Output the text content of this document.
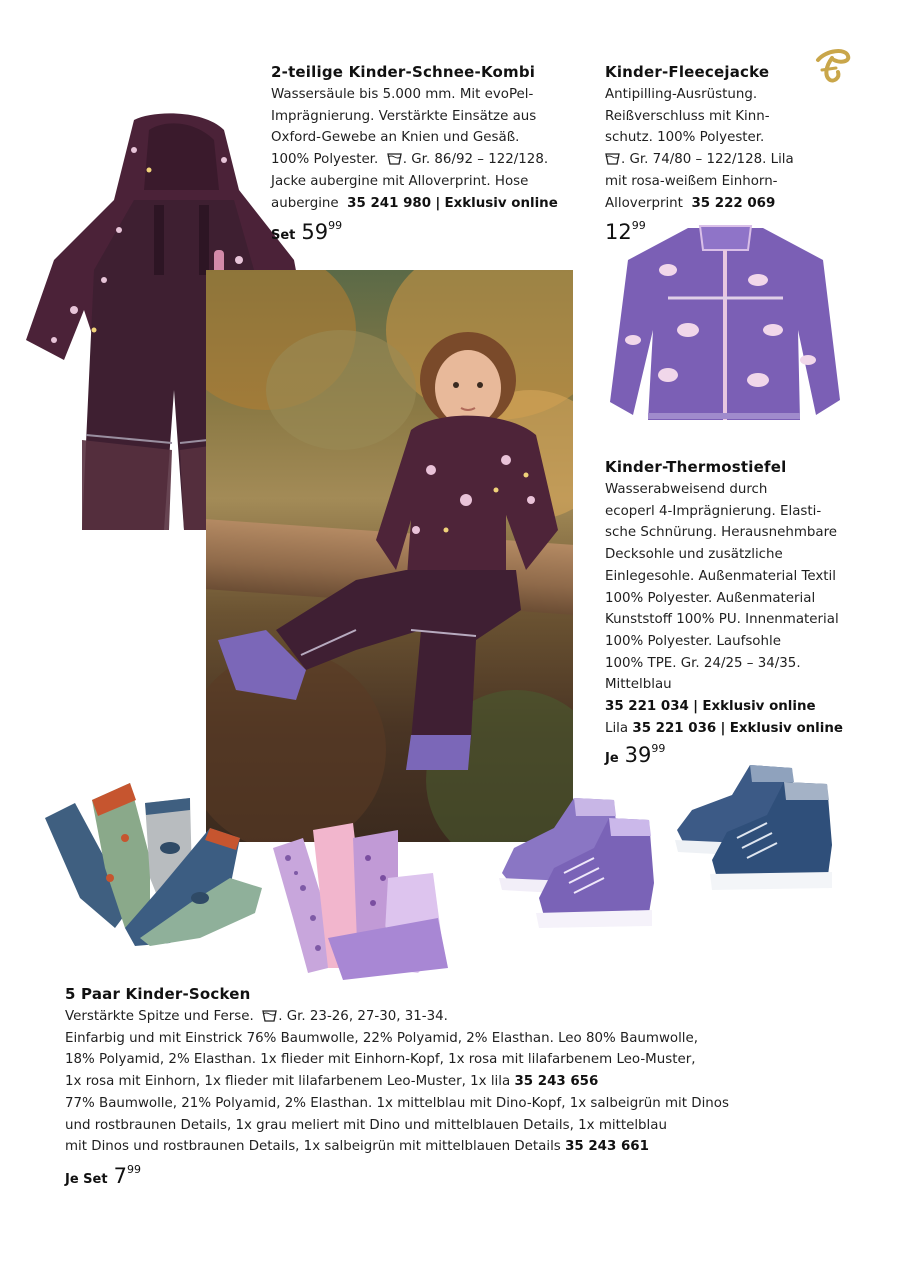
2-teilige Kinder-Schnee-Kombi

Wassersäule bis 5.000 mm. Mit evoPel-

Imprägnierung. Verstärkte Einsätze aus

Oxford-Gewebe an Knien und Gesäß.

100% Polyester. . Gr. 86/92 – 122/128.

Jacke aubergine mit Alloverprint. Hose

aubergine 35 241 980 | Exklusiv online

Set $59^{99}$
Kinder-Fleecejacke

Antipilling-Ausrüstung.

Reißverschluss mit Kinn-

schutz. 100% Polyester.

. Gr. 74/80 – 122/128. Lila

mit rosa-weißem Einhorn-

Alloverprint 35 222 069

$12^{99}$
Kinder-Thermostiefel

Wasserabweisend durch

ecoperl 4-Imprägnierung. Elasti-

sche Schnürung. Herausnehmbare

Decksohle und zusätzliche

Einlegesohle. Außenmaterial Textil

100% Polyester. Außenmaterial

Kunststoff 100% PU. Innenmaterial

100% Polyester. Laufsohle

100% TPE. Gr. 24/25 – 34/35.

Mittelblau

35 221 034 | Exklusiv online

Lila 35 221 036 | Exklusiv online

Je $39^{99}$
5 Paar Kinder-Socken

Verstärkte Spitze und Ferse. . Gr. 23-26, 27-30, 31-34.

Einfarbig und mit Einstrick 76% Baumwolle, 22% Polyamid, 2% Elasthan. Leo 80% Baumwolle,

18% Polyamid, 2% Elasthan. 1x flieder mit Einhorn-Kopf, 1x rosa mit lilafarbenem Leo-Muster,

1x rosa mit Einhorn, 1x flieder mit lilafarbenem Leo-Muster, 1x lila 35 243 656

77% Baumwolle, 21% Polyamid, 2% Elasthan. 1x mittelblau mit Dino-Kopf, 1x salbeigrün mit Dinos

und rostbraunen Details, 1x grau meliert mit Dino und mittelblauen Details, 1x mittelblau

mit Dinos und rostbraunen Details, 1x salbeigrün mit mittelblauen Details 35 243 661

Je Set $7^{99}$
